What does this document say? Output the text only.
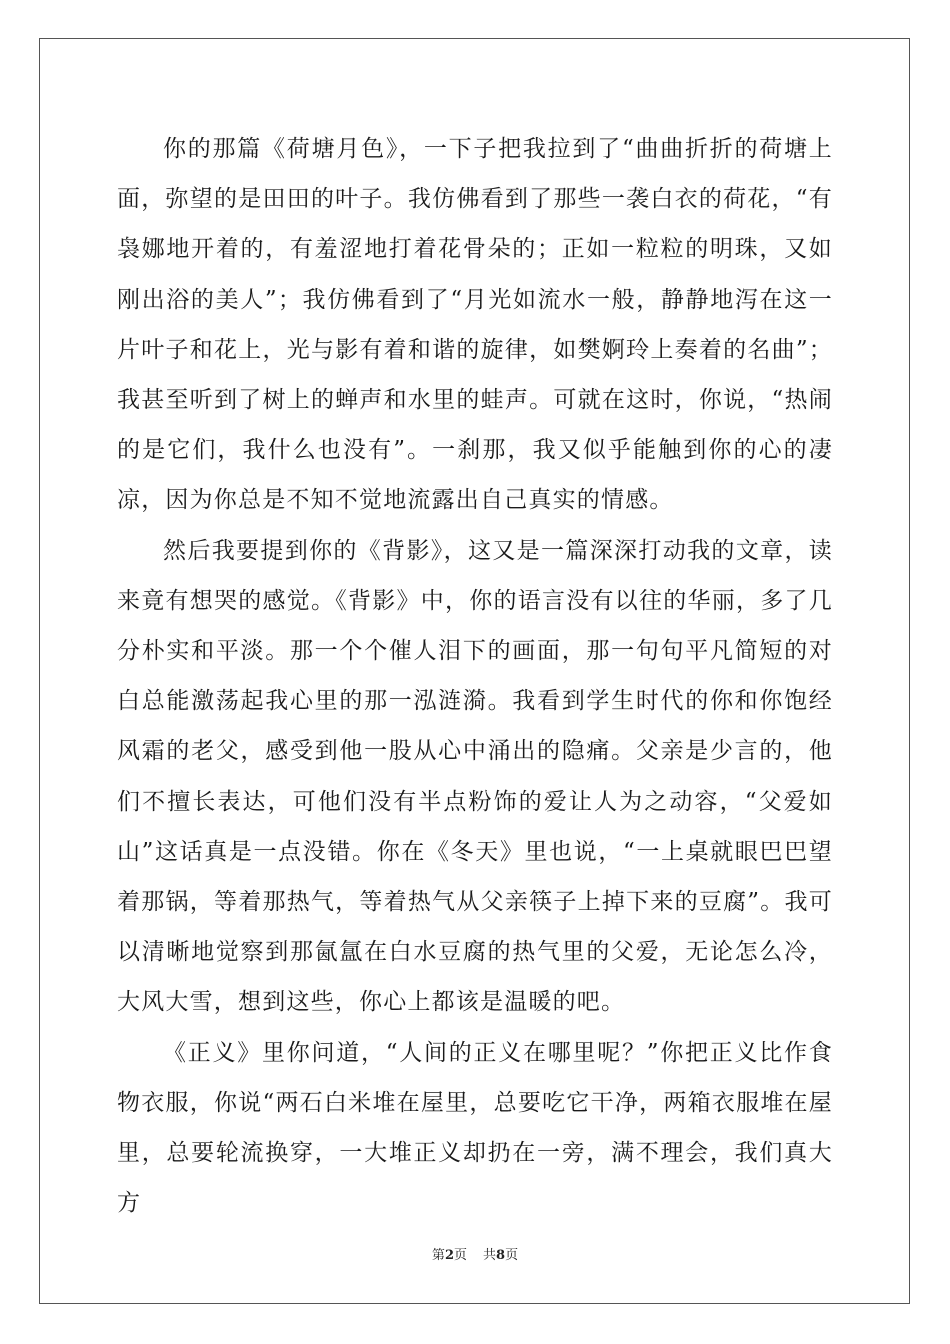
你的那篇《荷塘月色》，一下子把我拉到了“曲曲折折的荷塘上面，弥望的是田田的叶子。我仿佛看到了那些一袭白衣的荷花，“有袅娜地开着的，有羞涩地打着花骨朵的；正如一粒粒的明珠，又如刚出浴的美人”；我仿佛看到了“月光如流水一般，静静地泻在这一片叶子和花上，光与影有着和谐的旋律，如樊婀玲上奏着的名曲”；我甚至听到了树上的蝉声和水里的蛙声。可就在这时，你说，“热闹的是它们，我什么也没有”。一刹那，我又似乎能触到你的心的凄凉，因为你总是不知不觉地流露出自己真实的情感。

然后我要提到你的《背影》，这又是一篇深深打动我的文章，读来竟有想哭的感觉。《背影》中，你的语言没有以往的华丽，多了几分朴实和平淡。那一个个催人泪下的画面，那一句句平凡简短的对白总能激荡起我心里的那一泓涟漪。我看到学生时代的你和你饱经风霜的老父，感受到他一股从心中涌出的隐痛。父亲是少言的，他们不擅长表达，可他们没有半点粉饰的爱让人为之动容，“父爱如山”这话真是一点没错。你在《冬天》里也说，“一上桌就眼巴巴望着那锅，等着那热气，等着热气从父亲筷子上掉下来的豆腐”。我可以清晰地觉察到那氤氲在白水豆腐的热气里的父爱，无论怎么冷，大风大雪，想到这些，你心上都该是温暖的吧。

《正义》里你问道，“人间的正义在哪里呢？”你把正义比作食物衣服，你说“两石白米堆在屋里，总要吃它干净，两箱衣服堆在屋里，总要轮流换穿，一大堆正义却扔在一旁，满不理会，我们真大方

第2页 共8页
